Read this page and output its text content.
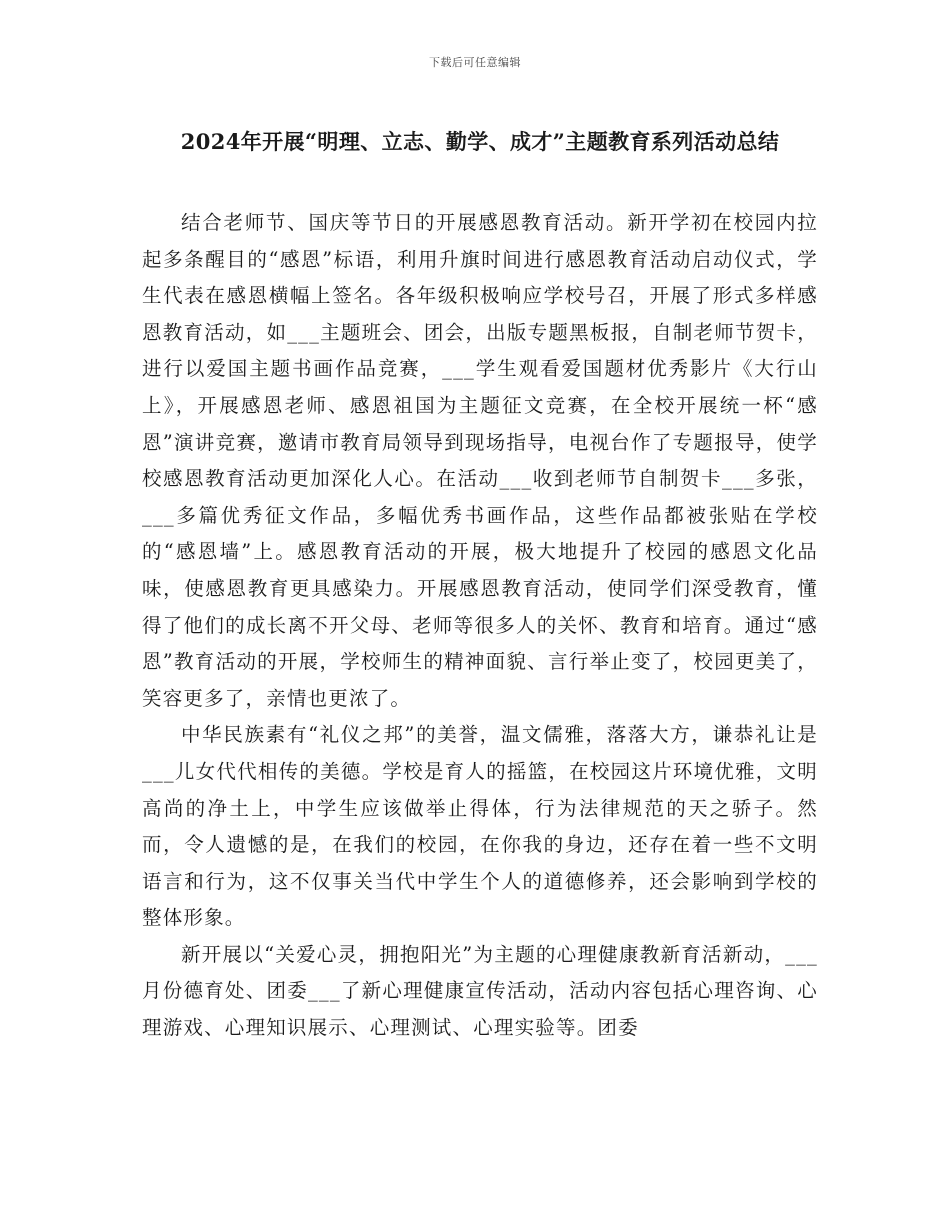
下载后可任意编辑
2024年开展“明理、立志、勤学、成才”主题教育系列活动总结

结合老师节、国庆等节日的开展感恩教育活动。新开学初在校园内拉起多条醒目的“感恩”标语，利用升旗时间进行感恩教育活动启动仪式，学生代表在感恩横幅上签名。各年级积极响应学校号召，开展了形式多样感恩教育活动，如___主题班会、团会，出版专题黑板报，自制老师节贺卡，进行以爱国主题书画作品竞赛，___学生观看爱国题材优秀影片《大行山上》，开展感恩老师、感恩祖国为主题征文竞赛，在全校开展统一杯“感恩”演讲竞赛，邀请市教育局领导到现场指导，电视台作了专题报导，使学校感恩教育活动更加深化人心。在活动___收到老师节自制贺卡___多张，___多篇优秀征文作品，多幅优秀书画作品，这些作品都被张贴在学校的“感恩墙”上。感恩教育活动的开展，极大地提升了校园的感恩文化品味，使感恩教育更具感染力。开展感恩教育活动，使同学们深受教育，懂得了他们的成长离不开父母、老师等很多人的关怀、教育和培育。通过“感恩”教育活动的开展，学校师生的精神面貌、言行举止变了，校园更美了，笑容更多了，亲情也更浓了。

中华民族素有“礼仪之邦”的美誉，温文儒雅，落落大方，谦恭礼让是___儿女代代相传的美德。学校是育人的摇篮，在校园这片环境优雅，文明高尚的净土上，中学生应该做举止得体，行为法律规范的天之骄子。然而，令人遗憾的是，在我们的校园，在你我的身边，还存在着一些不文明语言和行为，这不仅事关当代中学生个人的道德修养，还会影响到学校的整体形象。

新开展以“关爱心灵，拥抱阳光”为主题的心理健康教新育活新动，___月份德育处、团委___了新心理健康宣传活动，活动内容包括心理咨询、心理游戏、心理知识展示、心理测试、心理实验等。团委
